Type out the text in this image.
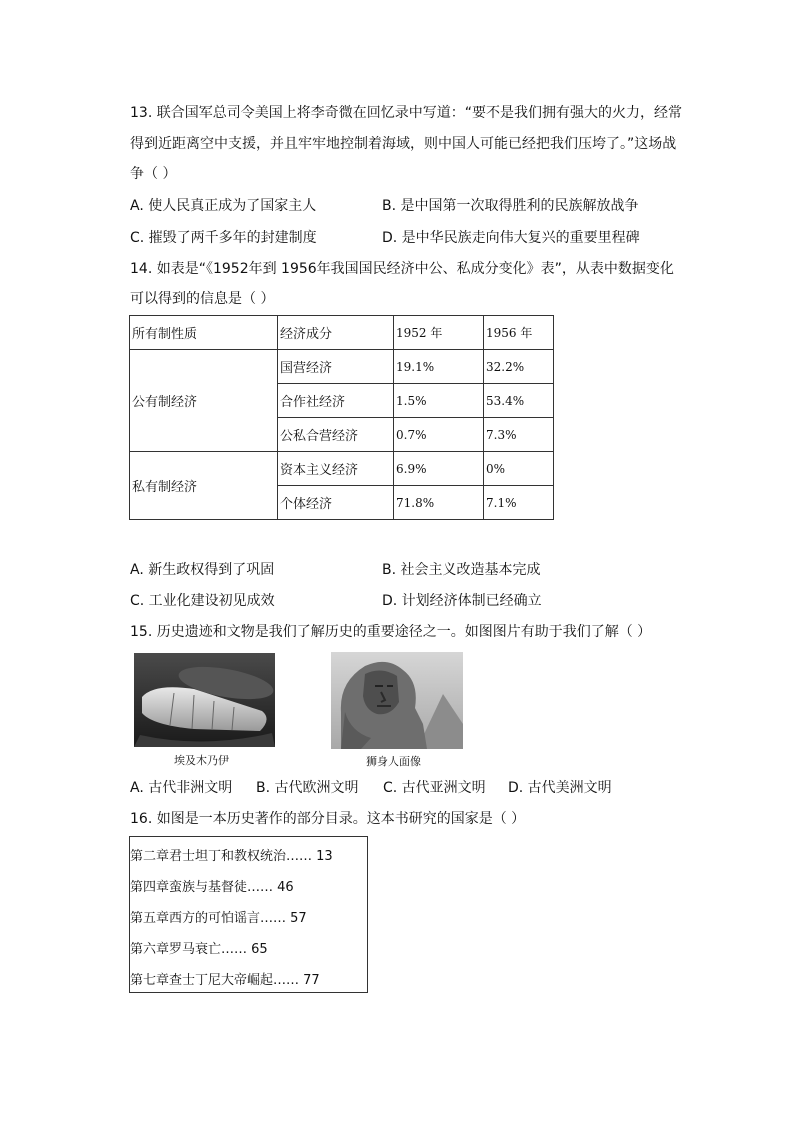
13. 联合国军总司令美国上将李奇微在回忆录中写道：“要不是我们拥有强大的火力，经常
得到近距离空中支援，并且牢牢地控制着海域，则中国人可能已经把我们压垮了。”这场战
争（ ）
A. 使人民真正成为了国家主人	B. 是中国第一次取得胜利的民族解放战争
C. 摧毁了两千多年的封建制度	D. 是中华民族走向伟大复兴的重要里程碑
14. 如表是“《1952年到 1956年我国国民经济中公、私成分变化》表”，从表中数据变化
可以得到的信息是（ ）
所有制性质	经济成分	1952 年	1956 年
公有制经济	国营经济	19.1%	32.2%
	合作社经济	1.5%	53.4%
	公私合营经济	0.7%	7.3%
私有制经济	资本主义经济	6.9%	0%
	个体经济	71.8%	7.1%
A. 新生政权得到了巩固	B. 社会主义改造基本完成
C. 工业化建设初见成效	D. 计划经济体制已经确立
15. 历史遗迹和文物是我们了解历史的重要途径之一。如图图片有助于我们了解（ ）
埃及木乃伊	狮身人面像
A. 古代非洲文明 B. 古代欧洲文明 C. 古代亚洲文明 D. 古代美洲文明
16. 如图是一本历史著作的部分目录。这本书研究的国家是（ ）
第二章君士坦丁和教权统治…… 13
第四章蛮族与基督徒…… 46
第五章西方的可怕谣言…… 57
第六章罗马衰亡…… 65
第七章查士丁尼大帝崛起…… 77
